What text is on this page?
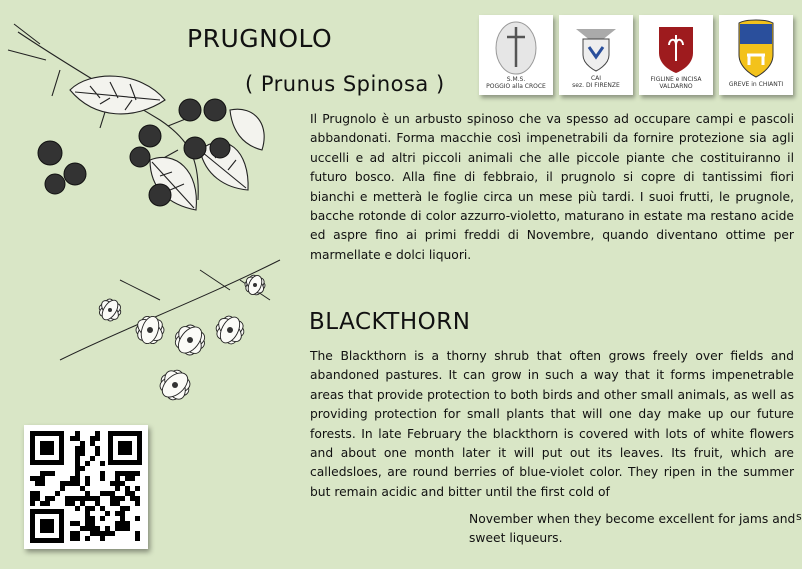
PRUGNOLO
( Prunus Spinosa )	S.M.S.
POGGIO alla CROCE
CAI
sez. DI FIRENZE
FIGLINE e INCISA
VALDARNO	GREVE in CHIANTI

Il Prugnolo è un arbusto spinoso che va spesso ad occupare campi e pascoli abbandonati. Forma macchie così impenetrabili da fornire protezione sia agli uccelli e ad altri piccoli animali che alle piccole piante che costituiranno il futuro bosco. Alla fine di febbraio, il prugnolo si copre di tantissimi fiori bianchi e metterà le foglie circa un mese più tardi. I suoi frutti, le prugnole, bacche rotonde di color azzurro-violetto, maturano in estate ma restano acide ed aspre fino ai primi freddi di Novembre, quando diventano ottime per marmellate e dolci liquori.

BLACKTHORN

The Blackthorn is a thorny shrub that often grows freely over fields and abandoned pastures. It can grow in such a way that it forms impenetrable areas that provide protection to both birds and other small animals, as well as providing protection for small plants that will one day make up our future forests. In late February the blackthorn is covered with lots of white flowers and about one month later it will put out its leaves. Its fruit, which are calledsloes, are round berries of blue-violet color. They ripen in the summer but remain acidic and bitter until the first cold of

November when they become excellent for jams and sweet liqueurs.

s
